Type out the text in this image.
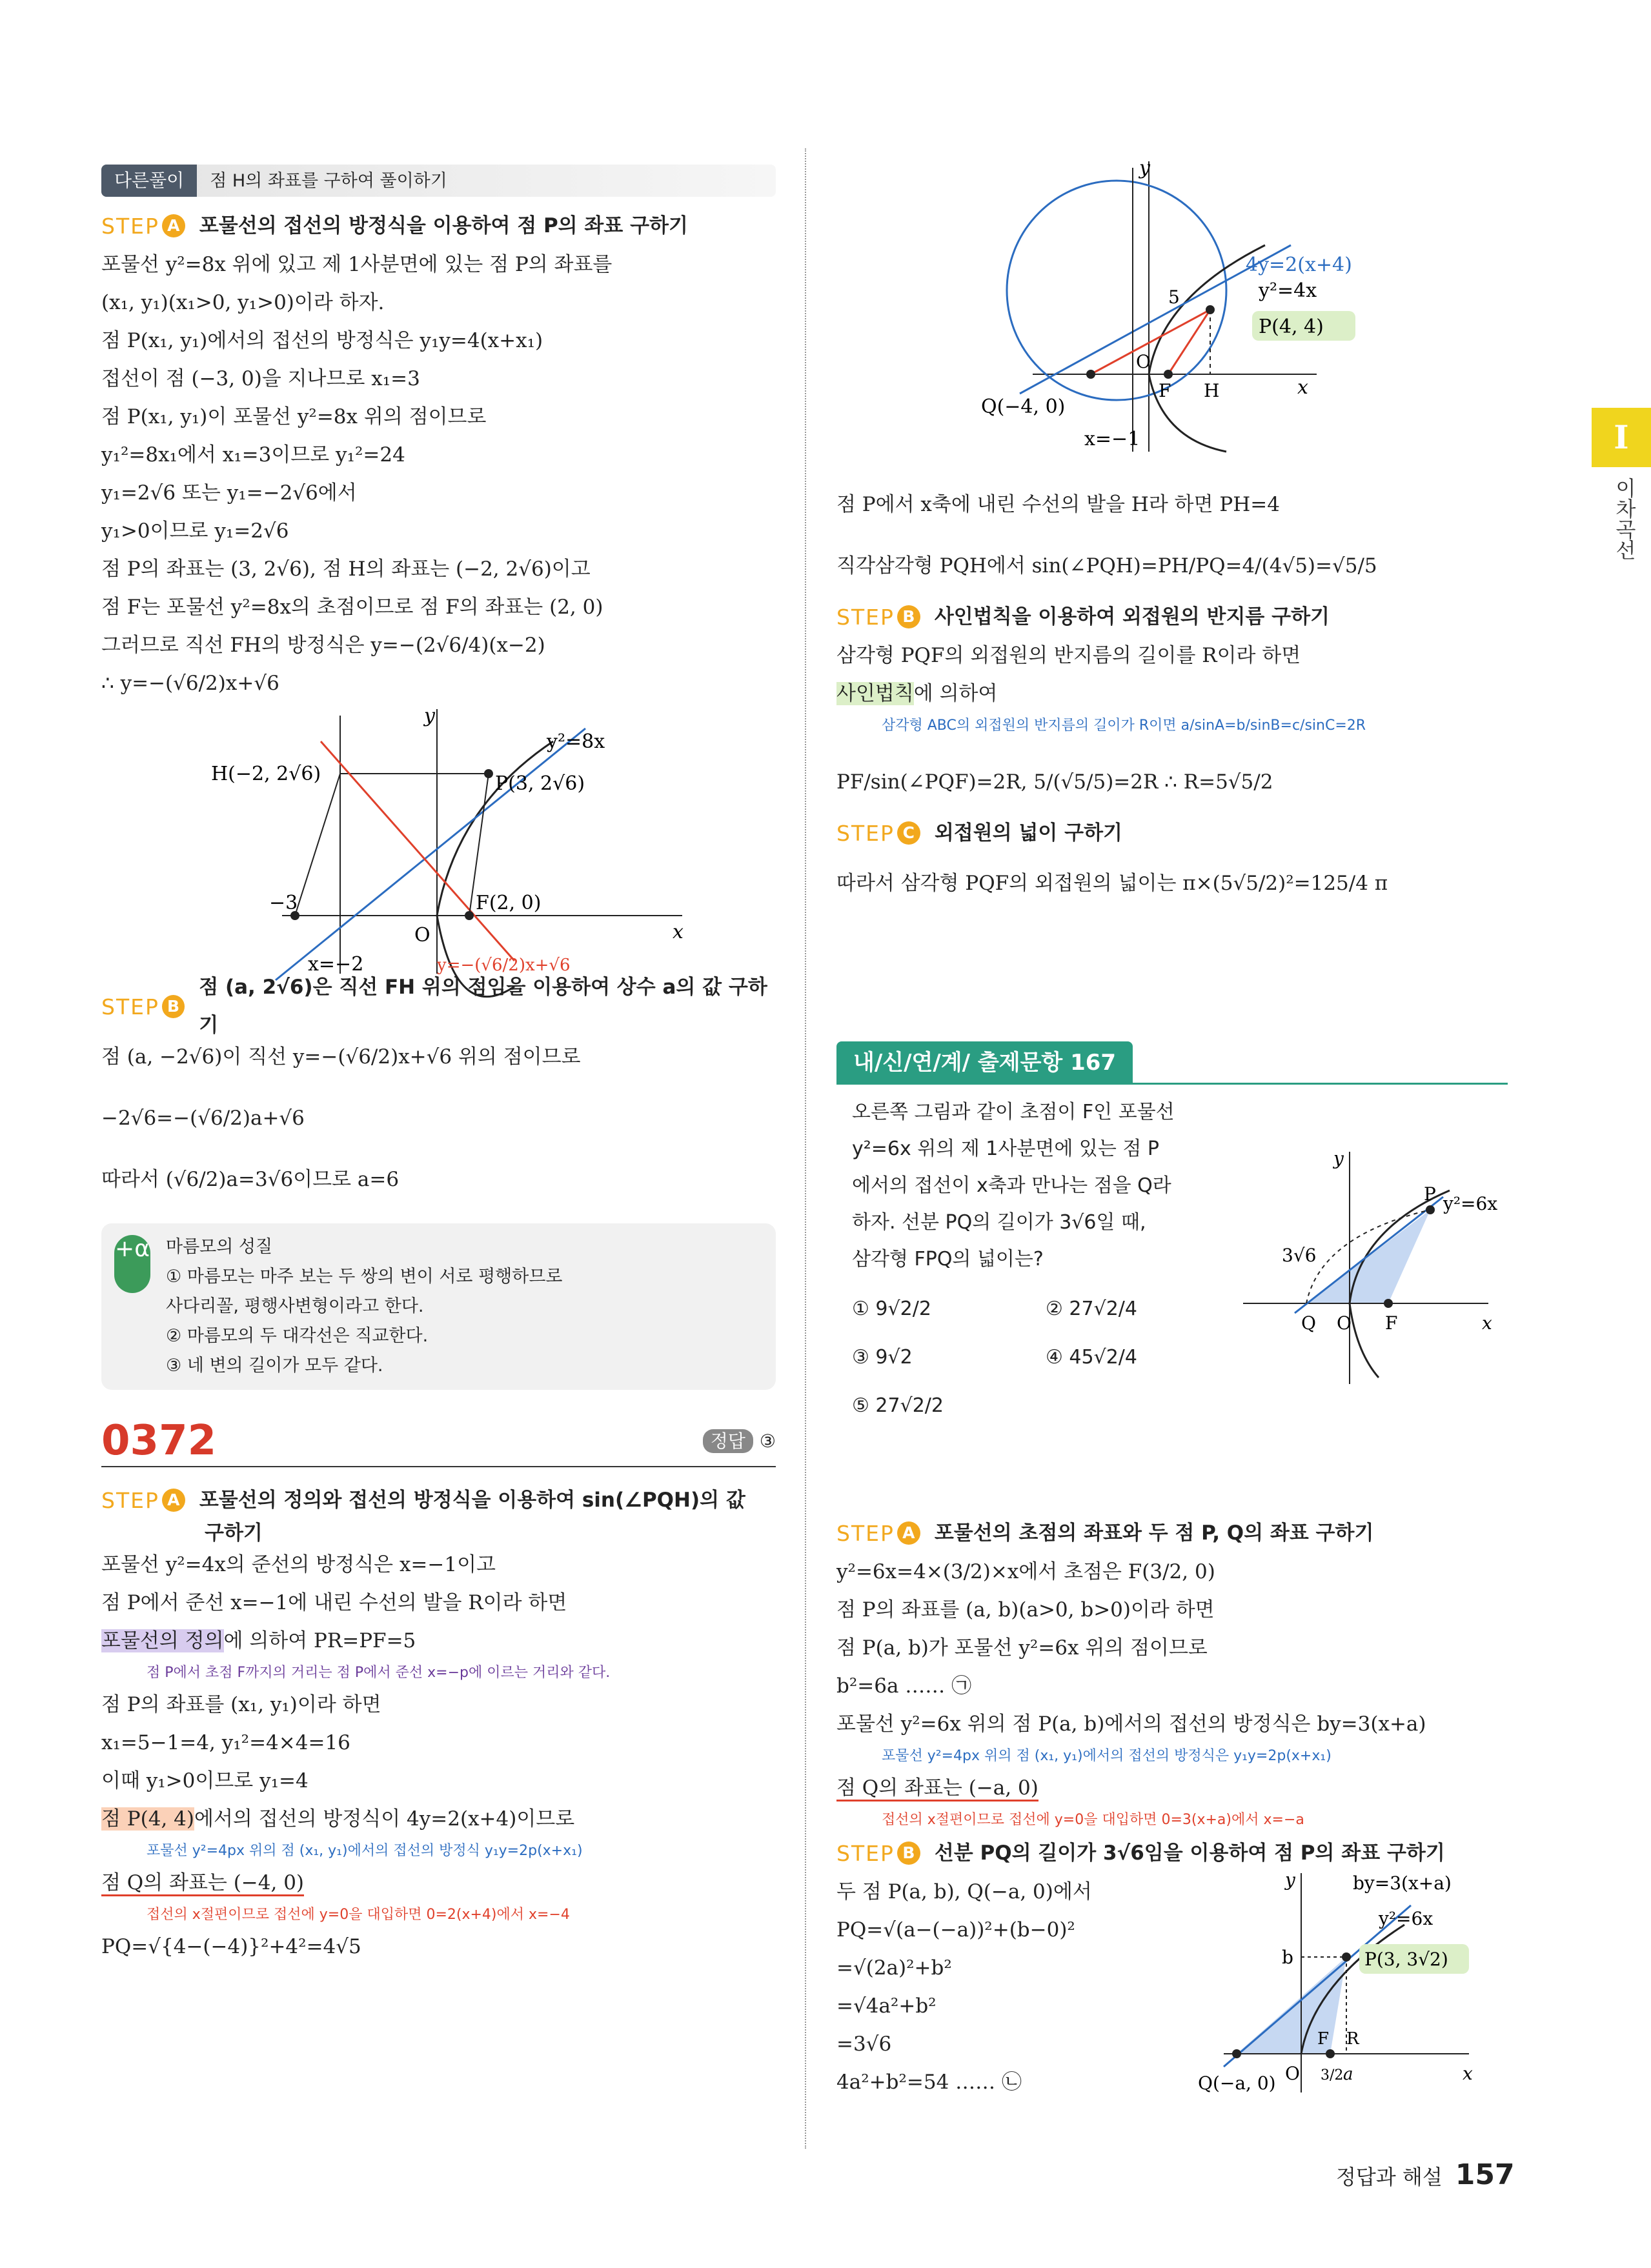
I
이차곡선
다른풀이	점 H의 좌표를 구하여 풀이하기
STEP A 포물선의 접선의 방정식을 이용하여 점 P의 좌표 구하기
포물선 y²=8x 위에 있고 제 1사분면에 있는 점 P의 좌표를
(x₁, y₁)(x₁>0, y₁>0)이라 하자.
점 P(x₁, y₁)에서의 접선의 방정식은 y₁y=4(x+x₁)
접선이 점 (−3, 0)을 지나므로 x₁=3
점 P(x₁, y₁)이 포물선 y²=8x 위의 점이므로
y₁²=8x₁에서 x₁=3이므로 y₁²=24
y₁=2√6 또는 y₁=−2√6에서
y₁>0이므로 y₁=2√6
점 P의 좌표는 (3, 2√6), 점 H의 좌표는 (−2, 2√6)이고
점 F는 포물선 y²=8x의 초점이므로 점 F의 좌표는 (2, 0)
그러므로 직선 FH의 방정식은 y=−(2√6/4)(x−2)
∴ y=−(√6/2)x+√6
y
x
O
y²=8x
H(−2, 2√6)	P(3, 2√6)
F(2, 0)
−3
x=−2	y=−(√6/2)x+√6
STEP B
점 (a, 2√6)은 직선 FH 위의 점임을 이용하여 상수 a의 값 구하기
점 (a, −2√6)이 직선 y=−(√6/2)x+√6 위의 점이므로
−2√6=−(√6/2)a+√6
따라서 (√6/2)a=3√6이므로 a=6
+α 마름모의 성질
① 마름모는 마주 보는 두 쌍의 변이 서로 평행하므로
사다리꼴, 평행사변형이라고 한다.
② 마름모의 두 대각선은 직교한다.
③ 네 변의 길이가 모두 같다.
0372	정답 ③
STEP A 포물선의 정의와 접선의 방정식을 이용하여 sin(∠PQH)의 값
구하기
포물선 y²=4x의 준선의 방정식은 x=−1이고
점 P에서 준선 x=−1에 내린 수선의 발을 R이라 하면
포물선의 정의에 의하여 PR=PF=5
점 P에서 초점 F까지의 거리는 점 P에서 준선 x=−p에 이르는 거리와 같다.
점 P의 좌표를 (x₁, y₁)이라 하면
x₁=5−1=4, y₁²=4×4=16
이때 y₁>0이므로 y₁=4
점 P(4, 4)에서의 접선의 방정식이 4y=2(x+4)이므로
포물선 y²=4px 위의 점 (x₁, y₁)에서의 접선의 방정식 y₁y=2p(x+x₁)
점 Q의 좌표는 (−4, 0)
접선의 x절편이므로 접선에 y=0을 대입하면 0=2(x+4)에서 x=−4
PQ=√{4−(−4)}²+4²=4√5
y
x
O
4y=2(x+4)
y²=4x
P(4, 4)
5
F H
Q(−4, 0)
x=−1
점 P에서 x축에 내린 수선의 발을 H라 하면 PH=4
직각삼각형 PQH에서 sin(∠PQH)=PH/PQ=4/(4√5)=√5/5
STEP B 사인법칙을 이용하여 외접원의 반지름 구하기
삼각형 PQF의 외접원의 반지름의 길이를 R이라 하면
사인법칙에 의하여
삼각형 ABC의 외접원의 반지름의 길이가 R이면 a/sinA=b/sinB=c/sinC=2R
PF/sin(∠PQF)=2R, 5/(√5/5)=2R ∴ R=5√5/2
STEP C 외접원의 넓이 구하기
따라서 삼각형 PQF의 외접원의 넓이는 π×(5√5/2)²=125/4 π
내/신/연/계/ 출제문항 167
오른쪽 그림과 같이 초점이 F인 포물선
y²=6x 위의 제 1사분면에 있는 점 P
에서의 접선이 x축과 만나는 점을 Q라
하자. 선분 PQ의 길이가 3√6일 때,
삼각형 FPQ의 넓이는?
① 9√2/2	② 27√2/4
③ 9√2	④ 45√2/4
⑤ 27√2/2
y
x
O
P
Q	F
y²=6x
3√6
STEP A 포물선의 초점의 좌표와 두 점 P, Q의 좌표 구하기
y²=6x=4×(3/2)×x에서 초점은 F(3/2, 0)
점 P의 좌표를 (a, b)(a>0, b>0)이라 하면
점 P(a, b)가 포물선 y²=6x 위의 점이므로
b²=6a …… ㉠
포물선 y²=6x 위의 점 P(a, b)에서의 접선의 방정식은 by=3(x+a)
포물선 y²=4px 위의 점 (x₁, y₁)에서의 접선의 방정식은 y₁y=2p(x+x₁)
점 Q의 좌표는 (−a, 0)
접선의 x절편이므로 접선에 y=0을 대입하면 0=3(x+a)에서 x=−a
STEP B 선분 PQ의 길이가 3√6임을 이용하여 점 P의 좌표 구하기
두 점 P(a, b), Q(−a, 0)에서
PQ=√(a−(−a))²+(b−0)²
=√(2a)²+b²
=√4a²+b²
=3√6
4a²+b²=54 …… ㉡
y
x
O
by=3(x+a)
y²=6x
P(3, 3√2)
b
F R
Q(−a, 0)	a
3/2
정답과 해설 157
